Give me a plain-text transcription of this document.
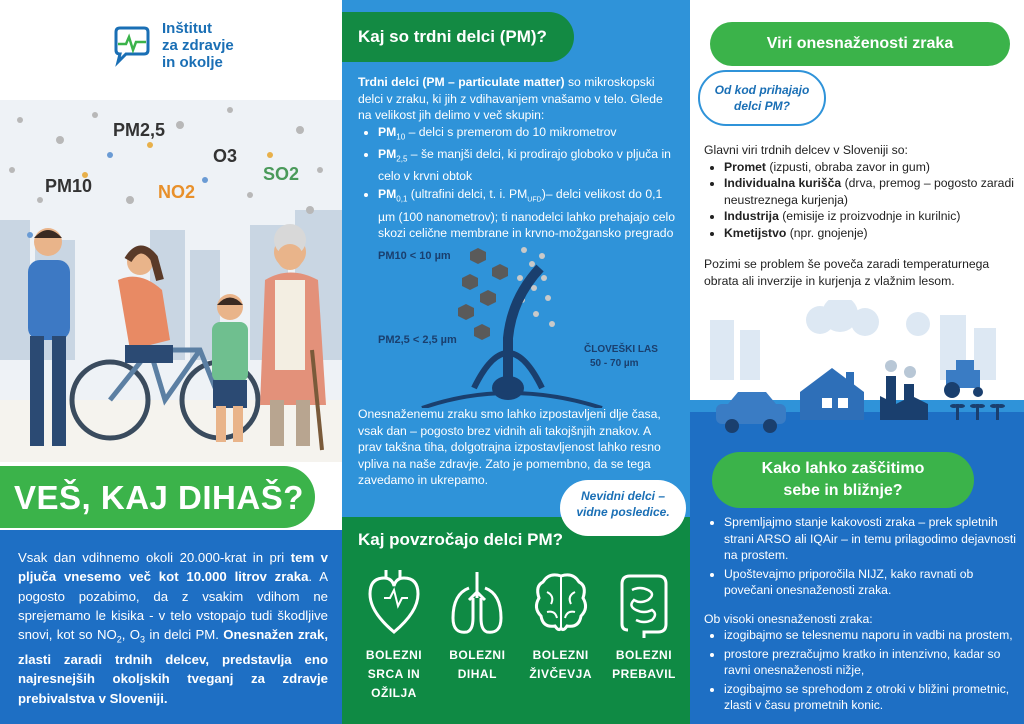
Inštitut
za zdravje
in okolje
PM2,5
O3
SO2
PM10	NO2
VEŠ, KAJ DIHAŠ?
Vsak dan vdihnemo okoli 20.000-krat in pri tem v pljuča vnesemo več kot 10.000 litrov zraka. A pogosto pozabimo, da z vsakim vdihom ne sprejemamo le kisika - v telo vstopajo tudi škodljive snovi, kot so $NO_2$, $O_3$ in delci PM. Onesnažen zrak, zlasti zaradi trdnih delcev, predstavlja eno najresnejših okoljskih tveganj za zdravje prebivalstva v Sloveniji.
Kaj so trdni delci (PM)?

Trdni delci (PM – particulate matter) so mikroskopski delci v zraku, ki jih z vdihavanjem vnašamo v telo. Glede na velikost jih delimo v več skupin:

• $PM_{10}$ – delci s premerom do 10 mikrometrov
• $PM_{2,5}$ – še manjši delci, ki prodirajo globoko v pljuča in celo v krvni obtok
• $PM_{0,1}$ (ultrafini delci, t. i. $PM_{UFD})-$ delci velikost do 0,1 µm (100 nanometrov); ti nanodelci lahko prehajajo celo skozi celične membrane in krvno-možgansko pregrado
PM10 < 10 µm
PM2,5 < 2,5 µm
ČLOVEŠKI LAS
50 - 70 µm
Onesnaženemu zraku smo lahko izpostavljeni dlje časa, vsak dan – pogosto brez vidnih ali takojšnjih znakov. A prav takšna tiha, dolgotrajna izpostavljenost lahko resno vpliva na naše zdravje. Zato je pomembno, da se tega zavedamo in ukrepamo.
Nevidni delci – vidne posledice.
Kaj povzročajo delci PM?
BOLEZNI SRCA IN OŽILJA
BOLEZNI DIHAL
BOLEZNI ŽIVČEVJA
BOLEZNI PREBAVIL
Viri onesnaženosti zraka
Od kod prihajajo delci PM?

Glavni viri trdnih delcev v Sloveniji so:

• Promet (izpusti, obraba zavor in gum)
• Individualna kurišča (drva, premog – pogosto zaradi neustreznega kurjenja)
• Industrija (emisije iz proizvodnje in kurilnic)
• Kmetijstvo (npr. gnojenje)
Pozimi se problem še poveča zaradi temperaturnega obrata ali inverzije in kurjenja z vlažnim lesom.
Kako lahko zaščitimo sebe in bližnje?
• Spremljajmo stanje kakovosti zraka – prek spletnih strani ARSO ali IQAir – in temu prilagodimo dejavnosti na prostem.
• Upoštevajmo priporočila NIJZ, kako ravnati ob povečani onesnaženosti zraka.

Ob visoki onesnaženosti zraka:

• izogibajmo se telesnemu naporu in vadbi na prostem,
• prostore prezračujmo kratko in intenzivno, kadar so ravni onesnaženosti nižje,
• izogibajmo se sprehodom z otroki v bližini prometnic, zlasti v času prometnih konic.
